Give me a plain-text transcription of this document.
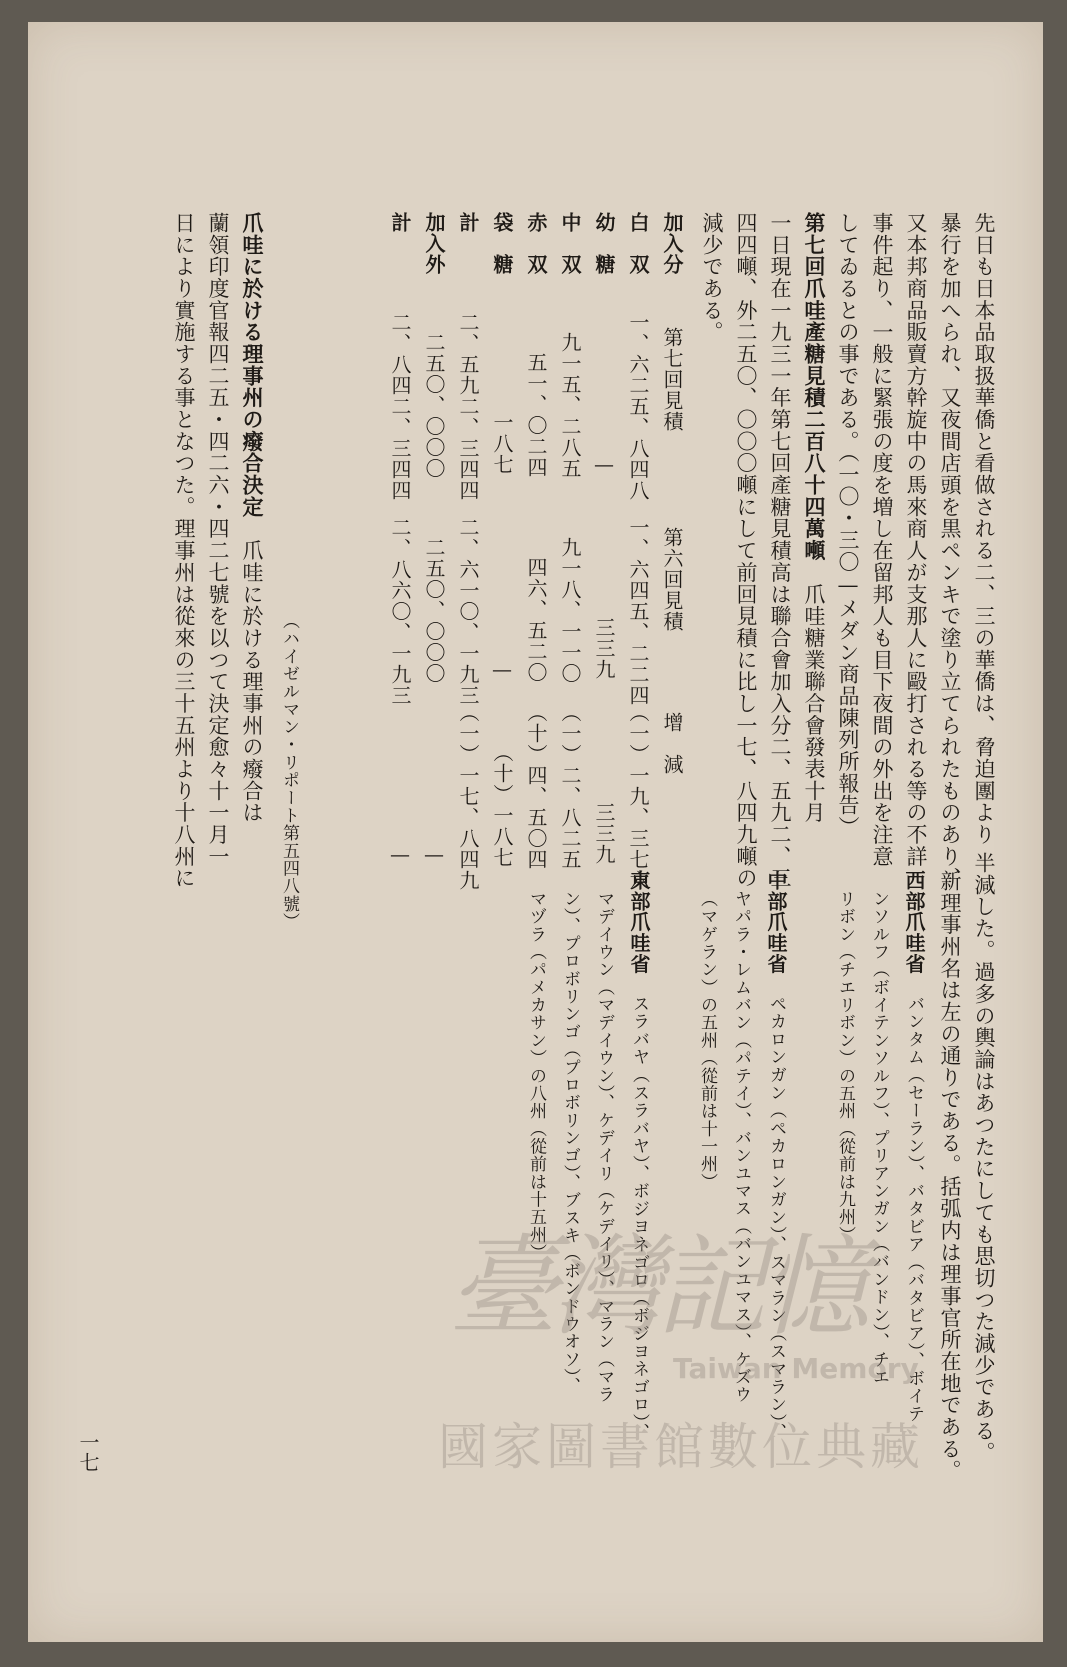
先日も日本品取扱華僑と看做される二、三の華僑は、脅迫團より
暴行を加へられ、又夜間店頭を黒ペンキで塗り立てられたものあり、
又本邦商品販賣方幹旋中の馬來商人が支那人に毆打される等の不詳
事件起り、一般に緊張の度を増し在留邦人も目下夜間の外出を注意
してゐるとの事である。（一〇・三〇—メダン商品陳列所報告）
第七回爪哇產糖見積二百八十四萬噸　爪哇糖業聯合會發表十月
一日現在一九三一年第七回產糖見積高は聯合會加入分二、五九二、三
四四噸、外二五〇、〇〇〇噸にして前回見積に比し一七、八四九噸の
減少である。
加入分
第七回見積
第六回見積
增　減
白　双
一、六二五、八四八
一、六四五、二二四
（一）一九、三七六
幼　糖
—
三三九
三三九
中　双
九一五、二八五
九一八、一一〇
（一）二、八二五
赤　双
五一、〇二四
四六、五二〇
（十）四、五〇四
袋　糖
一八七
—
（十）一八七
計
二、五九二、三四四
二、六一〇、一九三
（一）一七、八四九
加入外
二五〇、〇〇〇
二五〇、〇〇〇
—
計
二、八四二、三四四
二、八六〇、一九三
—
（ハイゼルマン・リポート第五四八號）
爪哇に於ける理事州の癈合決定　爪哇に於ける理事州の癈合は
蘭領印度官報四二五・四二六・四二七號を以つて決定愈々十一月一
日により實施する事となつた。理事州は從來の三十五州より十八州に
半減した。過多の輿論はあつたにしても思切つた減少である。
新理事州名は左の通りである。括弧内は理事官所在地である。
西部爪哇省　バンタム（セーラン）、バタビア（バタビア）、ボイテ
ンソルフ（ボイテンソルフ）、プリアンガン（バンドン）、チエ
リボン（チエリボン）の五州（從前は九州）
中部爪哇省　ペカロンガン（ペカロンガン）、スマラン（スマラン）、
ヤパラ・レムバン（パテイ）、バンユマス（バンユマス）、ケズウ
（マゲラン）の五州（從前は十一州）
東部爪哇省　スラバヤ（スラバヤ）、ボジヨネゴロ（ボジヨネゴロ）、
マデイウン（マデイウン）、ケデイリ（ケデイリ）、マラン（マラ
ン）、プロボリンゴ（プロボリンゴ）、ブスキ（ボンドウオソ）、
マヅラ（パメカサン）の八州（從前は十五州）
一七
臺灣記憶
Taiwan Memory
國家圖書館數位典藏
